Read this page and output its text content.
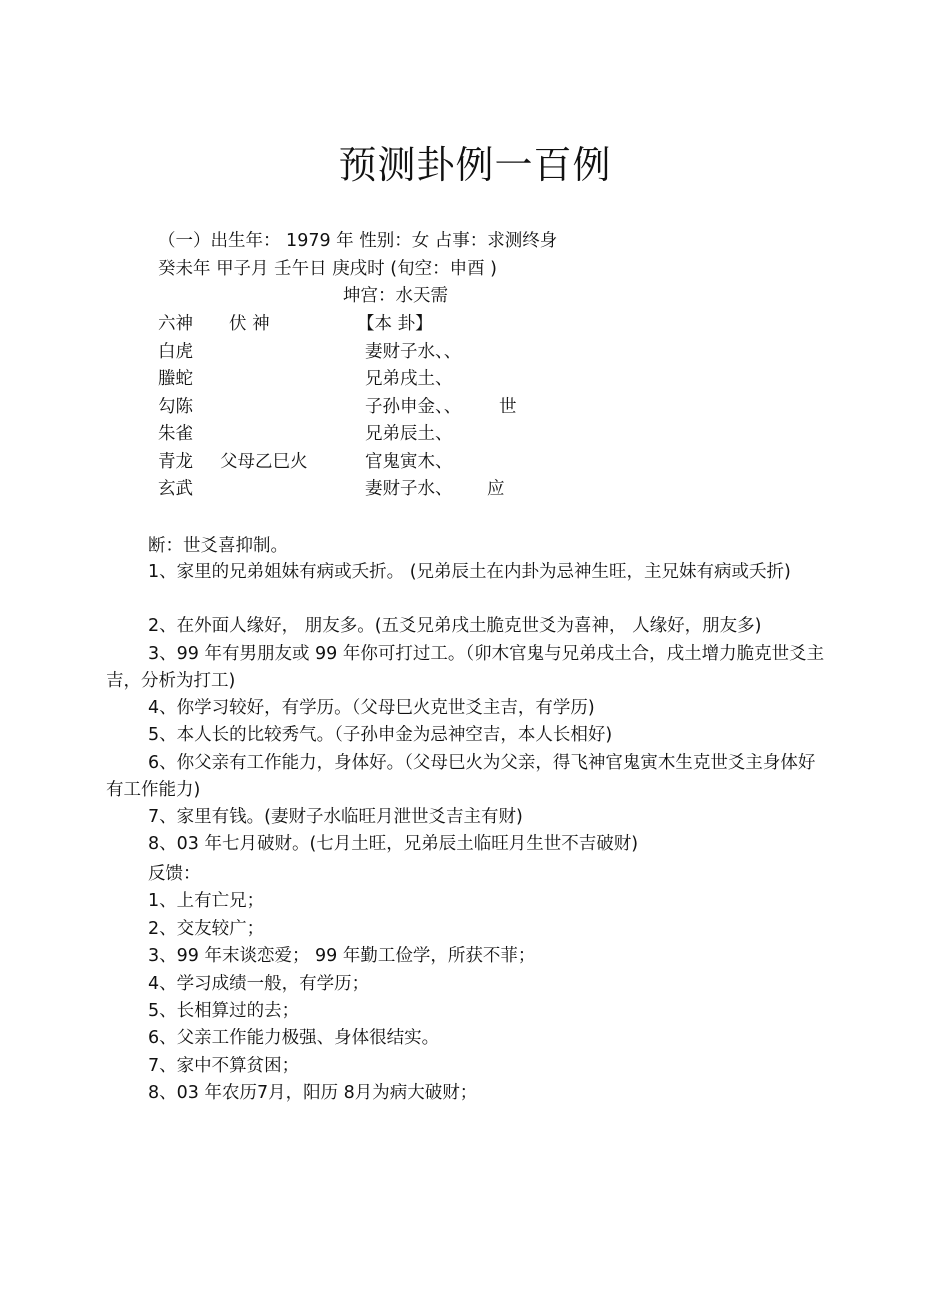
预测卦例一百例
（一）出生年： 1979 年 性别：女 占事：求测终身
癸未年 甲子月 壬午日 庚戌时 (旬空：申酉 )
坤宫：水天需
六神 伏 神	【本 卦】
白虎	妻财子水、、
螣蛇	兄弟戌土、
勾陈	子孙申金、、 世
朱雀	兄弟辰土、
青龙 父母乙巳火	官鬼寅木、
玄武	妻财子水、 应
断：世爻喜抑制。
1、家里的兄弟姐妹有病或夭折。 (兄弟辰土在内卦为忌神生旺，主兄妹有病或夭折)
2、在外面人缘好， 朋友多。(五爻兄弟戌土脆克世爻为喜神， 人缘好，朋友多)
3、99 年有男朋友或 99 年你可打过工。（卯木官鬼与兄弟戌土合，戌土增力脆克世爻主吉，分析为打工)
4、你学习较好，有学历。（父母巳火克世爻主吉，有学历)
5、本人长的比较秀气。（子孙申金为忌神空吉，本人长相好)
6、你父亲有工作能力，身体好。（父母巳火为父亲，得飞神官鬼寅木生克世爻主身体好有工作能力)
7、家里有钱。(妻财子水临旺月泄世爻吉主有财)
8、03 年七月破财。(七月土旺，兄弟辰土临旺月生世不吉破财)
反馈：
1、上有亡兄；
2、交友较广；
3、99 年末谈恋爱； 99 年勤工俭学，所获不菲；
4、学习成绩一般，有学历；
5、长相算过的去；
6、父亲工作能力极强、身体很结实。
7、家中不算贫困；
8、03 年农历7月，阳历 8月为病大破财；
